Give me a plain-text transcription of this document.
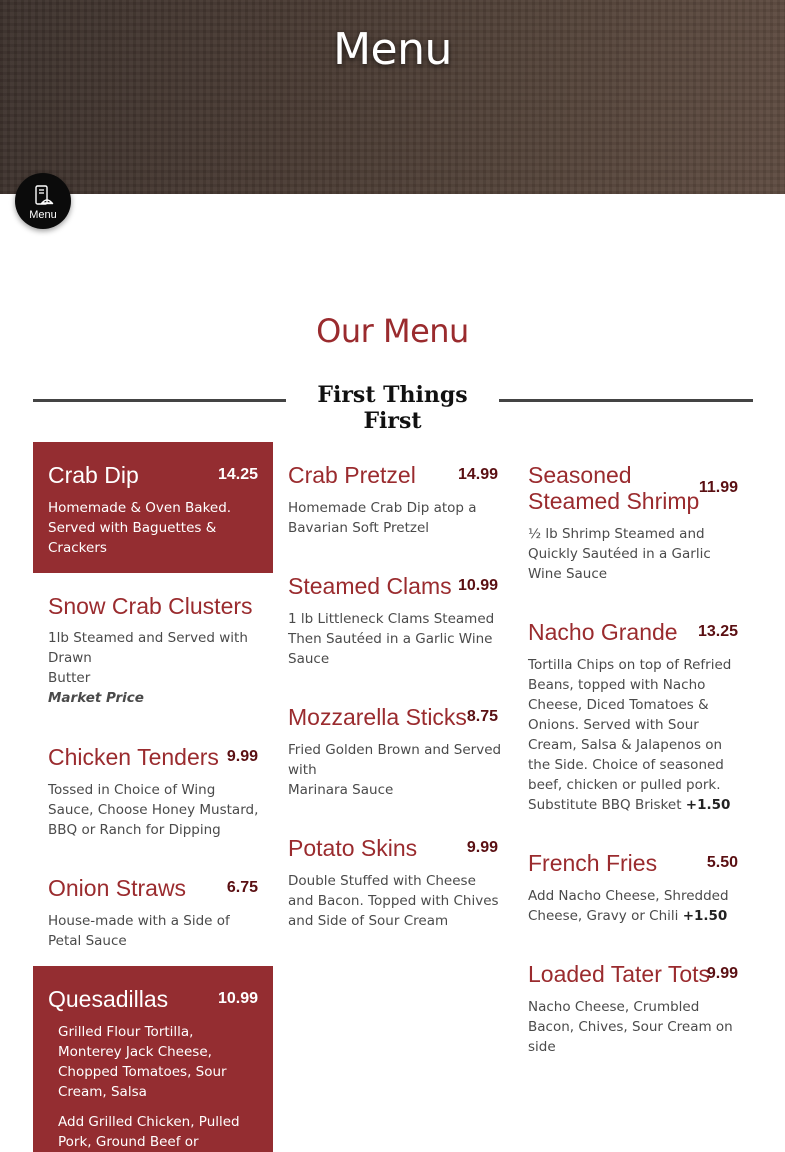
Menu
Menu
Our Menu
First Things First
Crab Dip	14.25
Homemade & Oven Baked. Served with Baguettes & Crackers
Snow Crab Clusters
1lb Steamed and Served with Drawn
Butter
Market Price
Chicken Tenders 9.99
Tossed in Choice of Wing Sauce, Choose Honey Mustard, BBQ or Ranch for Dipping
Onion Straws	6.75
House-made with a Side of Petal Sauce
Quesadillas	10.99
Grilled Flour Tortilla, Monterey Jack Cheese, Chopped Tomatoes, Sour Cream, Salsa
Add Grilled Chicken, Pulled Pork, Ground Beef or
Crab Pretzel	14.99
Homemade Crab Dip atop a Bavarian Soft Pretzel
Steamed Clams 10.99
1 lb Littleneck Clams Steamed Then Sautéed in a Garlic Wine Sauce
Mozzarella Sticks 8.75
Fried Golden Brown and Served with
Marinara Sauce
Potato Skins	9.99
Double Stuffed with Cheese and Bacon. Topped with Chives and Side of Sour Cream
Seasoned Steamed Shrimp
11.99
½ lb Shrimp Steamed and Quickly Sautéed in a Garlic Wine Sauce
Nacho Grande 13.25
Tortilla Chips on top of Refried Beans, topped with Nacho Cheese, Diced Tomatoes & Onions. Served with Sour Cream, Salsa & Jalapenos on the Side. Choice of seasoned beef, chicken or pulled pork. Substitute BBQ Brisket +1.50
French Fries	5.50
Add Nacho Cheese, Shredded Cheese, Gravy or Chili +1.50
Loaded Tater Tots
9.99
Nacho Cheese, Crumbled Bacon, Chives, Sour Cream on side
